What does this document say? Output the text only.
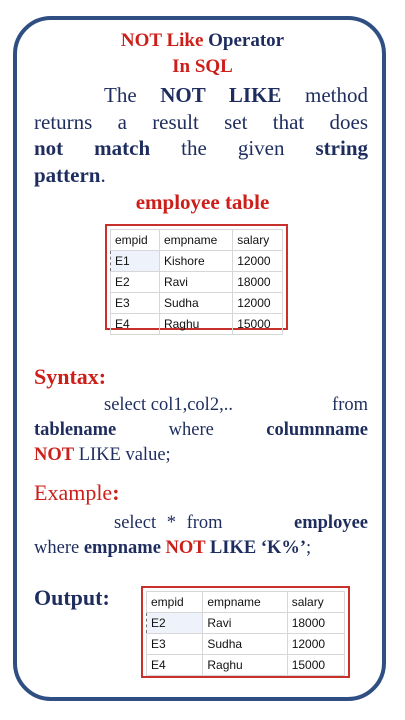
NOT Like Operator
In SQL
The NOT LIKE method
returns a result set that does
not match the given string
pattern.
employee table
empid	empname	salary
E1	Kishore	12000
E2	Ravi	18000
E3	Sudha	12000
E4	Raghu	15000
Syntax:
select col1,col2,..	from
tablename	where	columnname
NOT LIKE value;
Example:
select * from	employee
where empname NOT LIKE ‘K%’;
Output:	empid	empname	salary
E2	Ravi	18000
E3	Sudha	12000
E4	Raghu	15000
